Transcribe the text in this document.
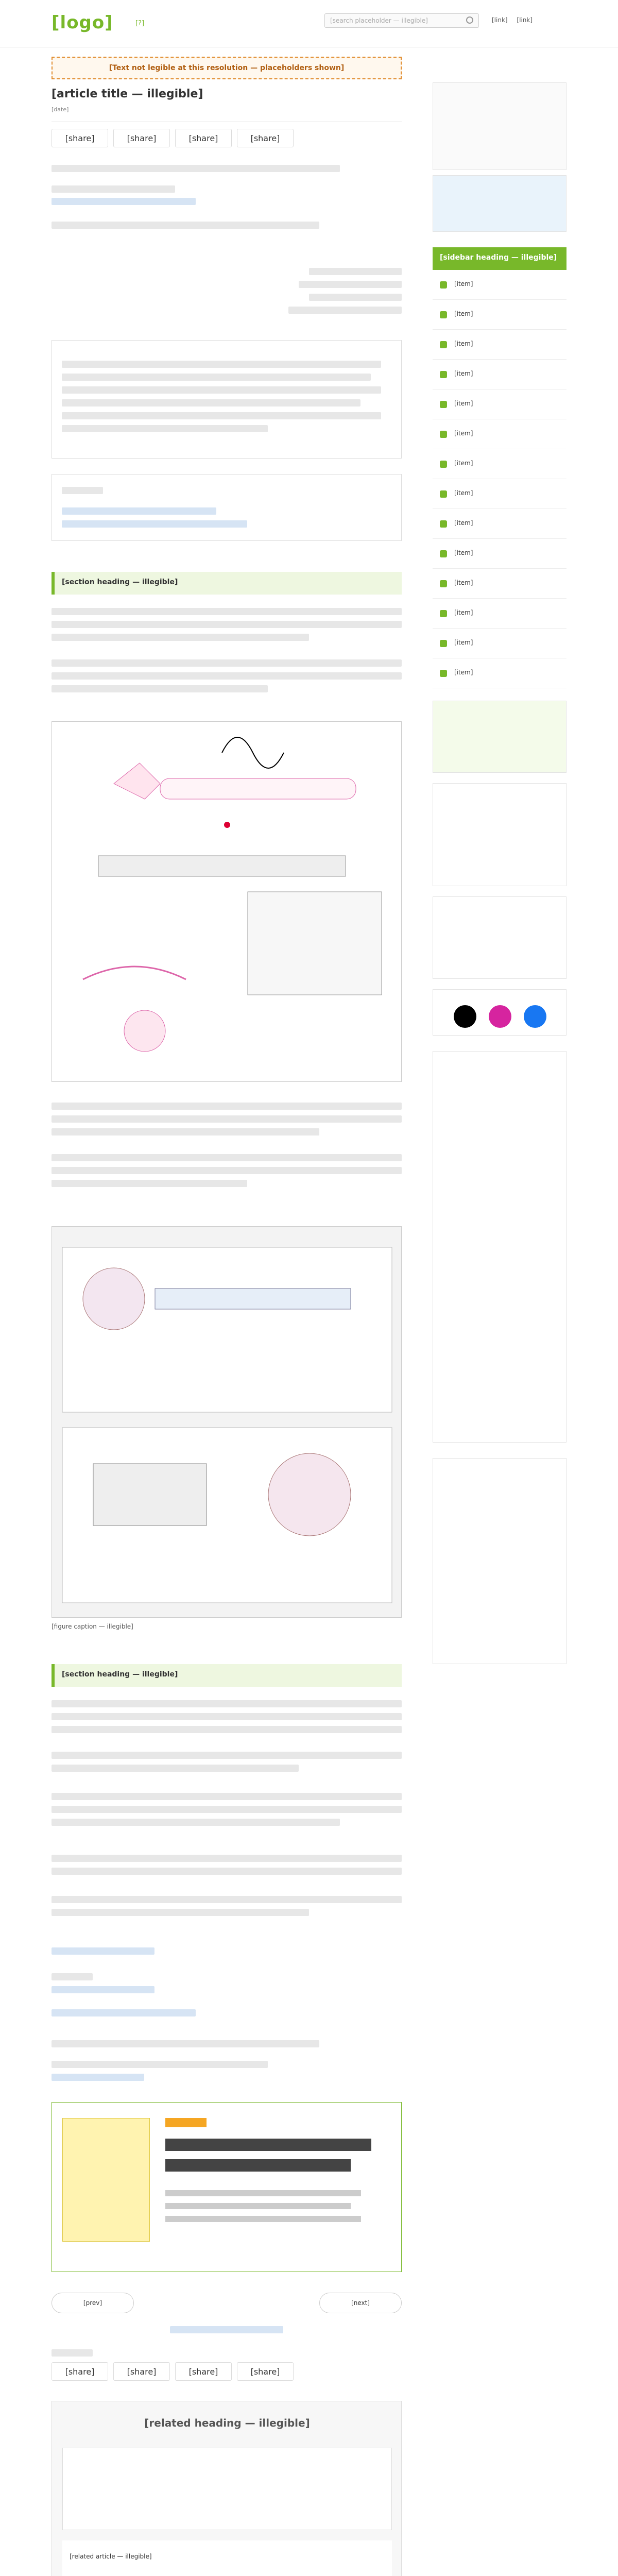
[logo]	[?]	[search placeholder — illegible]	[link] [link]
[Text not legible at this resolution — placeholders shown]
[article title — illegible]
[date]
[share]	[share]	[share]	[share]
[section heading — illegible]
[figure caption — illegible]
[section heading — illegible]
[prev]	[next]
[share]	[share]	[share]	[share]
[related heading — illegible]
[related article — illegible]
[sidebar heading — illegible]
[item]
[item]
[item]
[item]
[item]
[item]
[item]
[item]
[item]
[item]
[item]
[item]
[item]
[item]
